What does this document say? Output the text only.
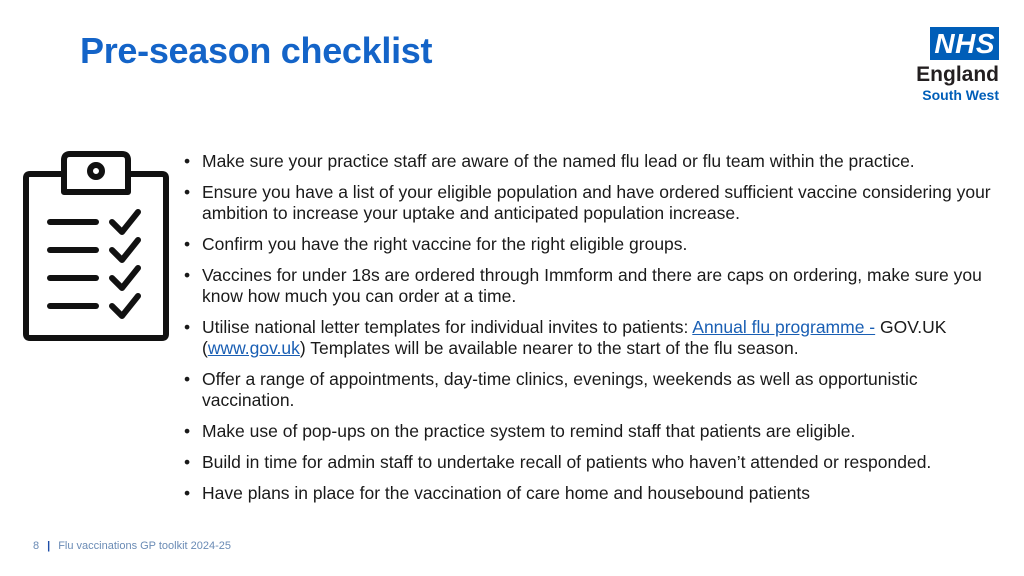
Pre-season checklist	NHS
England
South West
• Make sure your practice staff are aware of the named flu lead or flu team within the practice.
• Ensure you have a list of your eligible population and have ordered sufficient vaccine considering your ambition to increase your uptake and anticipated population increase.
• Confirm you have the right vaccine for the right eligible groups.
• Vaccines for under 18s are ordered through Immform and there are caps on ordering, make sure you know how much you can order at a time.
• Utilise national letter templates for individual invites to patients: Annual flu programme - GOV.UK (www.gov.uk) Templates will be available nearer to the start of the flu season.
• Offer a range of appointments, day-time clinics, evenings, weekends as well as opportunistic vaccination.
• Make use of pop-ups on the practice system to remind staff that patients are eligible.
• Build in time for admin staff to undertake recall of patients who haven’t attended or responded.
• Have plans in place for the vaccination of care home and housebound patients
8 | Flu vaccinations GP toolkit 2024-25
